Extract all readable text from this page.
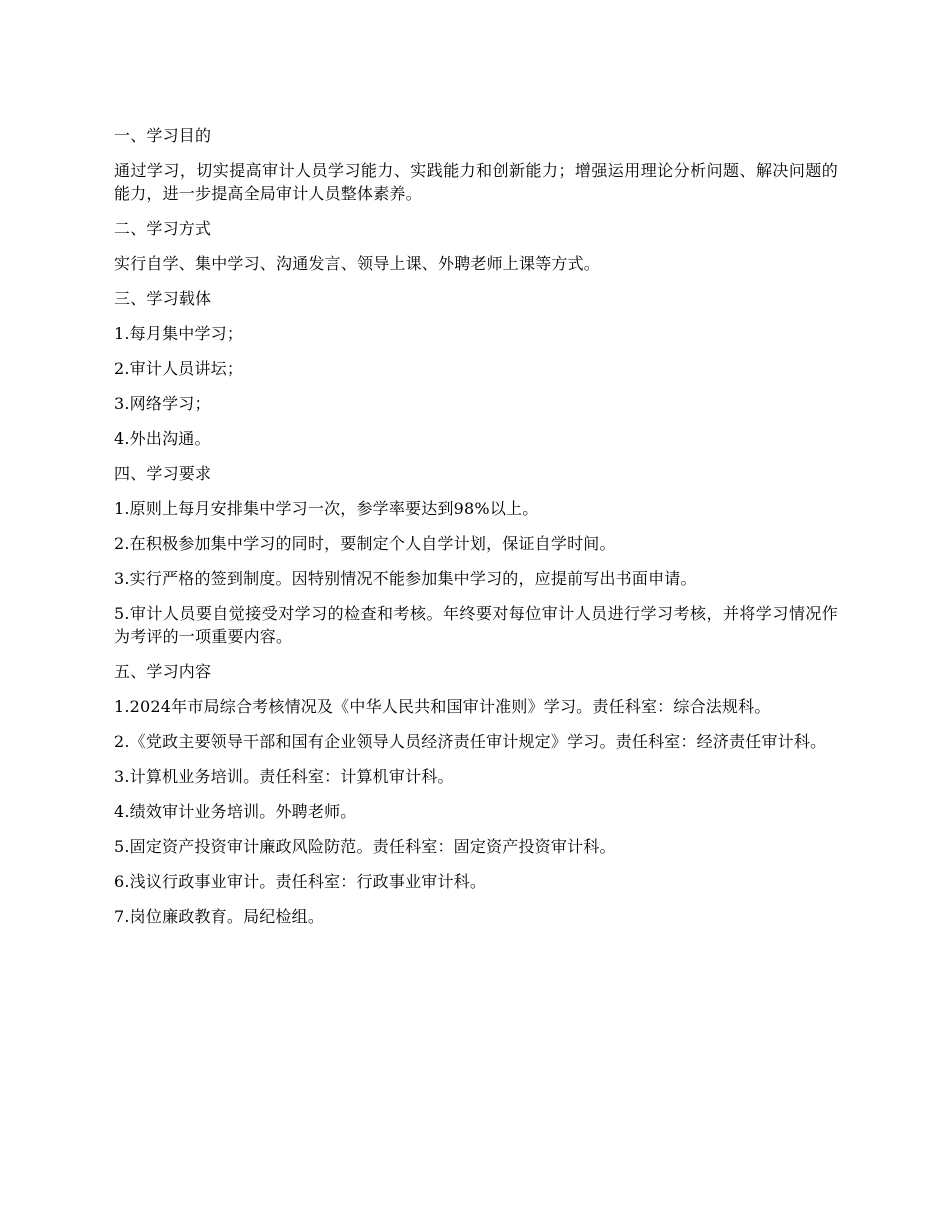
一、学习目的

通过学习，切实提高审计人员学习能力、实践能力和创新能力；增强运用理论分析问题、解决问题的能力，进一步提高全局审计人员整体素养。

二、学习方式

实行自学、集中学习、沟通发言、领导上课、外聘老师上课等方式。

三、学习载体

1.每月集中学习；

2.审计人员讲坛；

3.网络学习；

4.外出沟通。

四、学习要求

1.原则上每月安排集中学习一次，参学率要达到98%以上。

2.在积极参加集中学习的同时，要制定个人自学计划，保证自学时间。

3.实行严格的签到制度。因特别情况不能参加集中学习的，应提前写出书面申请。

5.审计人员要自觉接受对学习的检查和考核。年终要对每位审计人员进行学习考核，并将学习情况作为考评的一项重要内容。

五、学习内容

1.2024年市局综合考核情况及《中华人民共和国审计准则》学习。责任科室：综合法规科。

2.《党政主要领导干部和国有企业领导人员经济责任审计规定》学习。责任科室：经济责任审计科。

3.计算机业务培训。责任科室：计算机审计科。

4.绩效审计业务培训。外聘老师。

5.固定资产投资审计廉政风险防范。责任科室：固定资产投资审计科。

6.浅议行政事业审计。责任科室：行政事业审计科。

7.岗位廉政教育。局纪检组。
